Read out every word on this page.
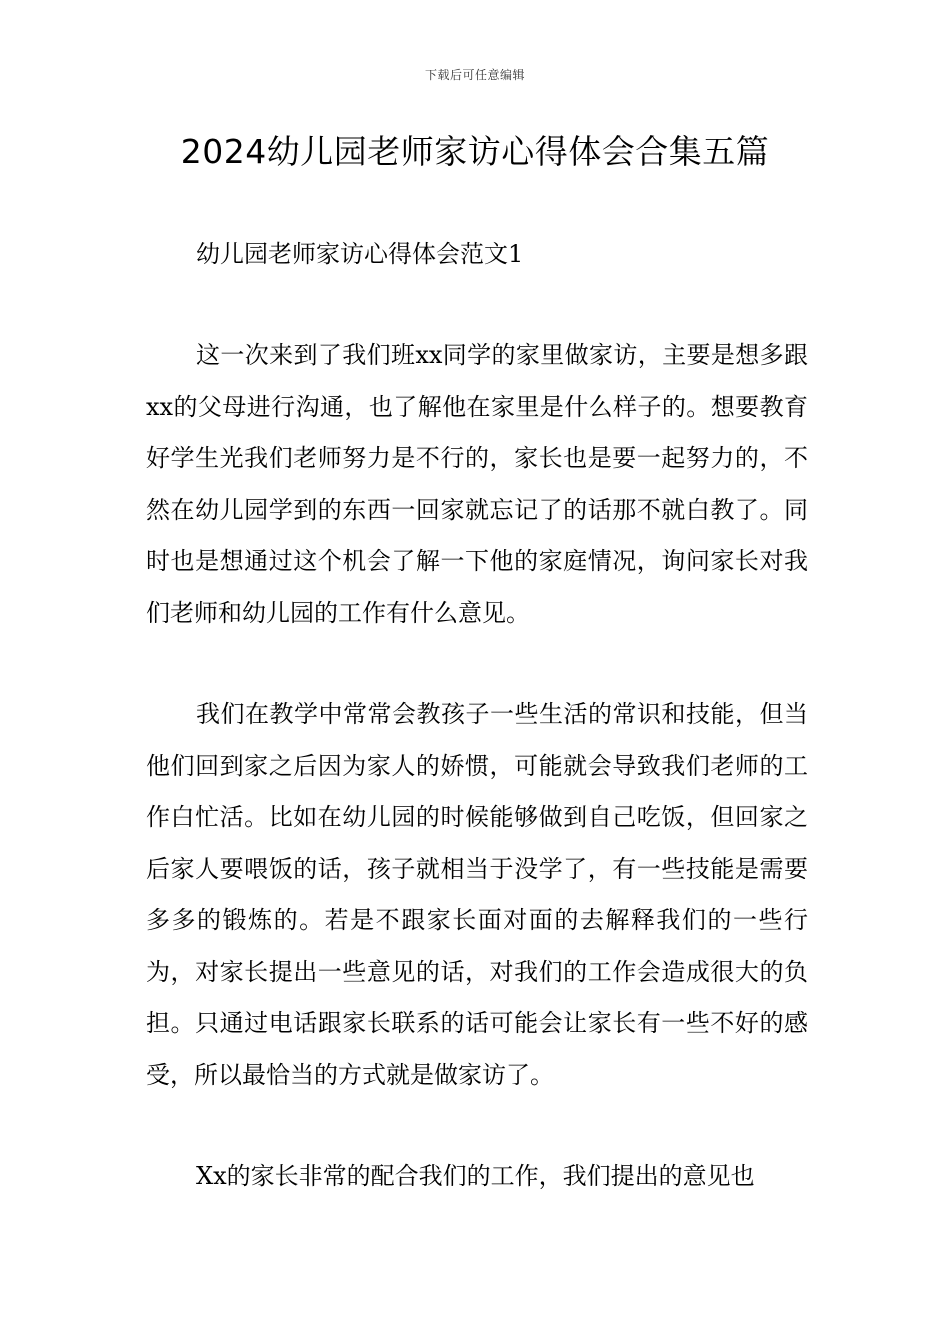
下载后可任意编辑
2024幼儿园老师家访心得体会合集五篇
幼儿园老师家访心得体会范文1

这一次来到了我们班xx同学的家里做家访，主要是想多跟xx的父母进行沟通，也了解他在家里是什么样子的。想要教育好学生光我们老师努力是不行的，家长也是要一起努力的，不然在幼儿园学到的东西一回家就忘记了的话那不就白教了。同时也是想通过这个机会了解一下他的家庭情况，询问家长对我们老师和幼儿园的工作有什么意见。

我们在教学中常常会教孩子一些生活的常识和技能，但当他们回到家之后因为家人的娇惯，可能就会导致我们老师的工作白忙活。比如在幼儿园的时候能够做到自己吃饭，但回家之后家人要喂饭的话，孩子就相当于没学了，有一些技能是需要多多的锻炼的。若是不跟家长面对面的去解释我们的一些行为，对家长提出一些意见的话，对我们的工作会造成很大的负担。只通过电话跟家长联系的话可能会让家长有一些不好的感受，所以最恰当的方式就是做家访了。

Xx的家长非常的配合我们的工作，我们提出的意见也
